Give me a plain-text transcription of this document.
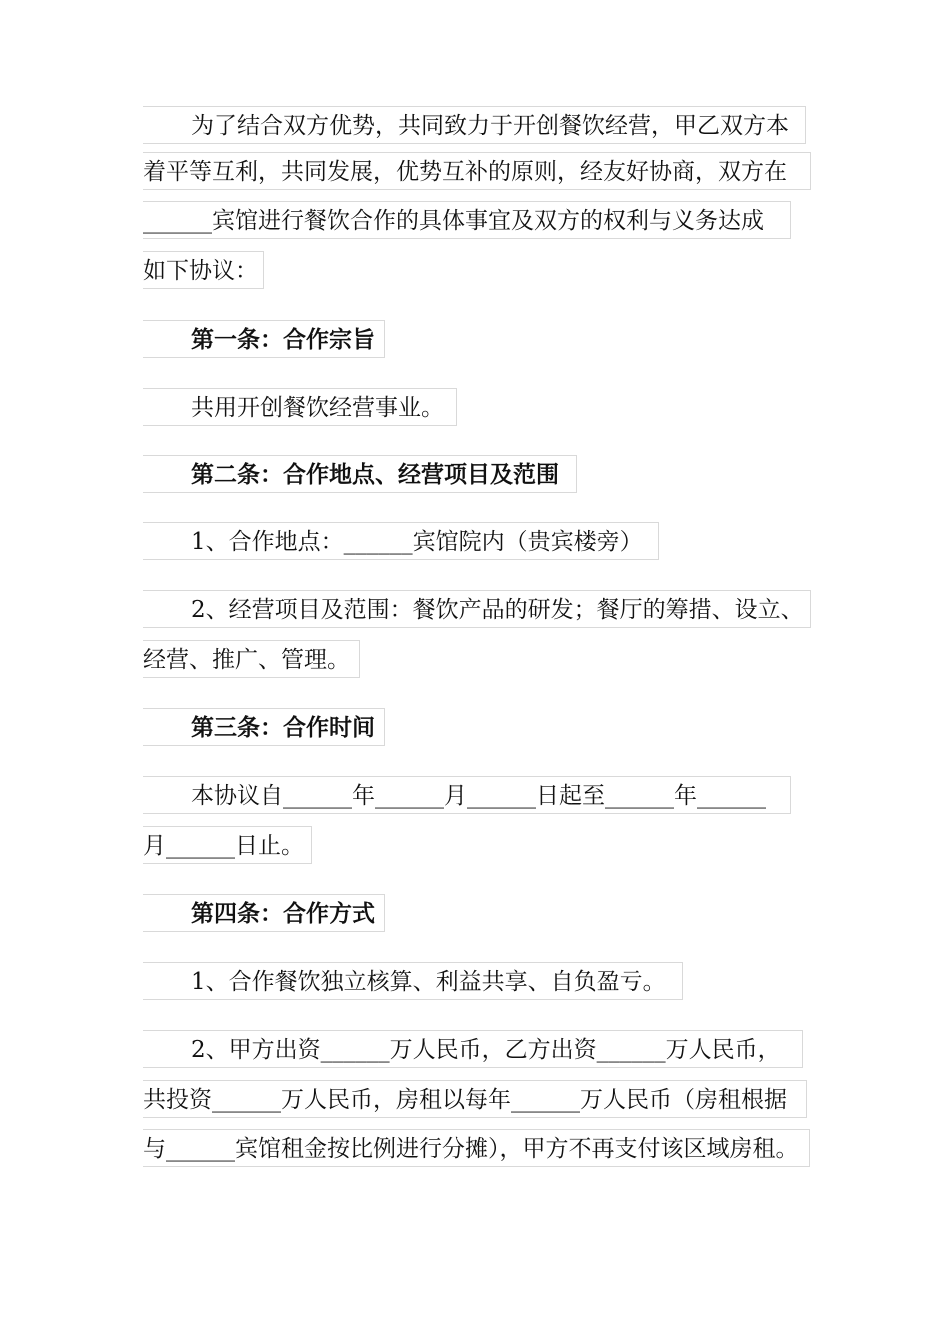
为了结合双方优势，共同致力于开创餐饮经营，甲乙双方本
着平等互利，共同发展，优势互补的原则，经友好协商，双方在
______宾馆进行餐饮合作的具体事宜及双方的权利与义务达成
如下协议：
第一条：合作宗旨
共用开创餐饮经营事业。
第二条：合作地点、经营项目及范围
1、合作地点：______宾馆院内（贵宾楼旁）
2、经营项目及范围：餐饮产品的研发；餐厅的筹措、设立、
经营、推广、管理。
第三条：合作时间
本协议自______年______月______日起至______年______
月______日止。
第四条：合作方式
1、合作餐饮独立核算、利益共享、自负盈亏。
2、甲方出资______万人民币，乙方出资______万人民币，
共投资______万人民币，房租以每年______万人民币（房租根据
与______宾馆租金按比例进行分摊），甲方不再支付该区域房租。
